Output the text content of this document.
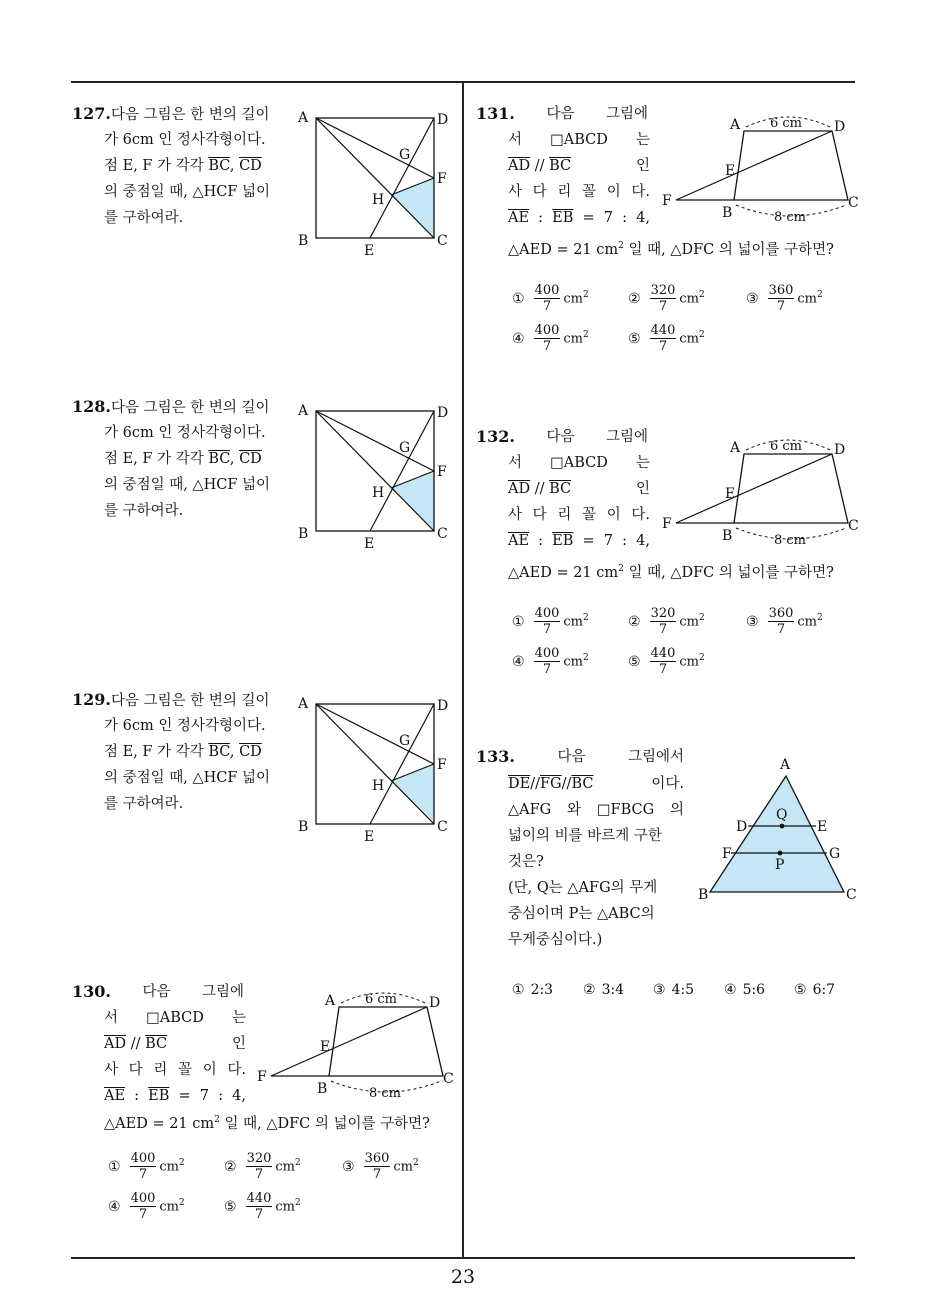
23
127.다음 그림은 한 변의 길이
가 6cm 인 정사각형이다.
점 E, F 가 각각 $\overline{BC}$, $\overline{CD}$
의 중점일 때, △HCF 넓이
를 구하여라.
A	D
B	C
E
F
G
H
128.다음 그림은 한 변의 길이
가 6cm 인 정사각형이다.
점 E, F 가 각각 $\overline{BC}$, $\overline{CD}$
의 중점일 때, △HCF 넓이
를 구하여라.
A	D
B	C
E
F
G
H
129.다음 그림은 한 변의 길이
가 6cm 인 정사각형이다.
점 E, F 가 각각 $\overline{BC}$, $\overline{CD}$
의 중점일 때, △HCF 넓이
를 구하여라.
A	D
B	C
E
F
G
H
130. 다음 그림에
서 □ABCD 는
$\overline{AD} // \overline{BC}$	인
사 다 리 꼴 이 다.
$\overline{AE}$ : $\overline{EB} = 7$ : 4,
△AED = 21 $cm^2$ 일 때, △DFC 의 넓이를 구하면?
A	D
F
B
C
E
6 cm
8 cm
① $\frac{400}{7} cm^2$	② $\frac{320}{7} cm^2$	③ $\frac{360}{7} cm^2$
④ $\frac{400}{7} cm^2$	⑤ $\frac{440}{7} cm^2$
131. 다음 그림에
서 □ABCD 는
$\overline{AD} // \overline{BC}$	인
사 다 리 꼴 이 다.
$\overline{AE}$ : $\overline{EB} = 7$ : 4,
△AED = 21 $cm^2$ 일 때, △DFC 의 넓이를 구하면?
A	D
F
B
C
E
6 cm
8 cm
① $\frac{400}{7} cm^2$	② $\frac{320}{7} cm^2$	③ $\frac{360}{7} cm^2$
④ $\frac{400}{7} cm^2$	⑤ $\frac{440}{7} cm^2$
132. 다음 그림에
서 □ABCD 는
$\overline{AD} // \overline{BC}$	인
사 다 리 꼴 이 다.
$\overline{AE}$ : $\overline{EB} = 7$ : 4,
△AED = 21 $cm^2$ 일 때, △DFC 의 넓이를 구하면?
A	D
F
B
C
E
6 cm
8 cm
① $\frac{400}{7} cm^2$	② $\frac{320}{7} cm^2$	③ $\frac{360}{7} cm^2$
④ $\frac{400}{7} cm^2$	⑤ $\frac{440}{7} cm^2$
133.	다음	그림에서
$\overline{DE}//\overline{FG}//\overline{BC}$	이다.
△AFG 와 □FBCG 의
넓이의 비를 바르게 구한
것은?
(단, Q는 △AFG의 무게
중심이며 P는 △ABC의
무게중심이다.)
A
B	C
D	E
F	G
Q
P
① 2:3 ② 3:4 ③ 4:5 ④ 5:6 ⑤ 6:7
